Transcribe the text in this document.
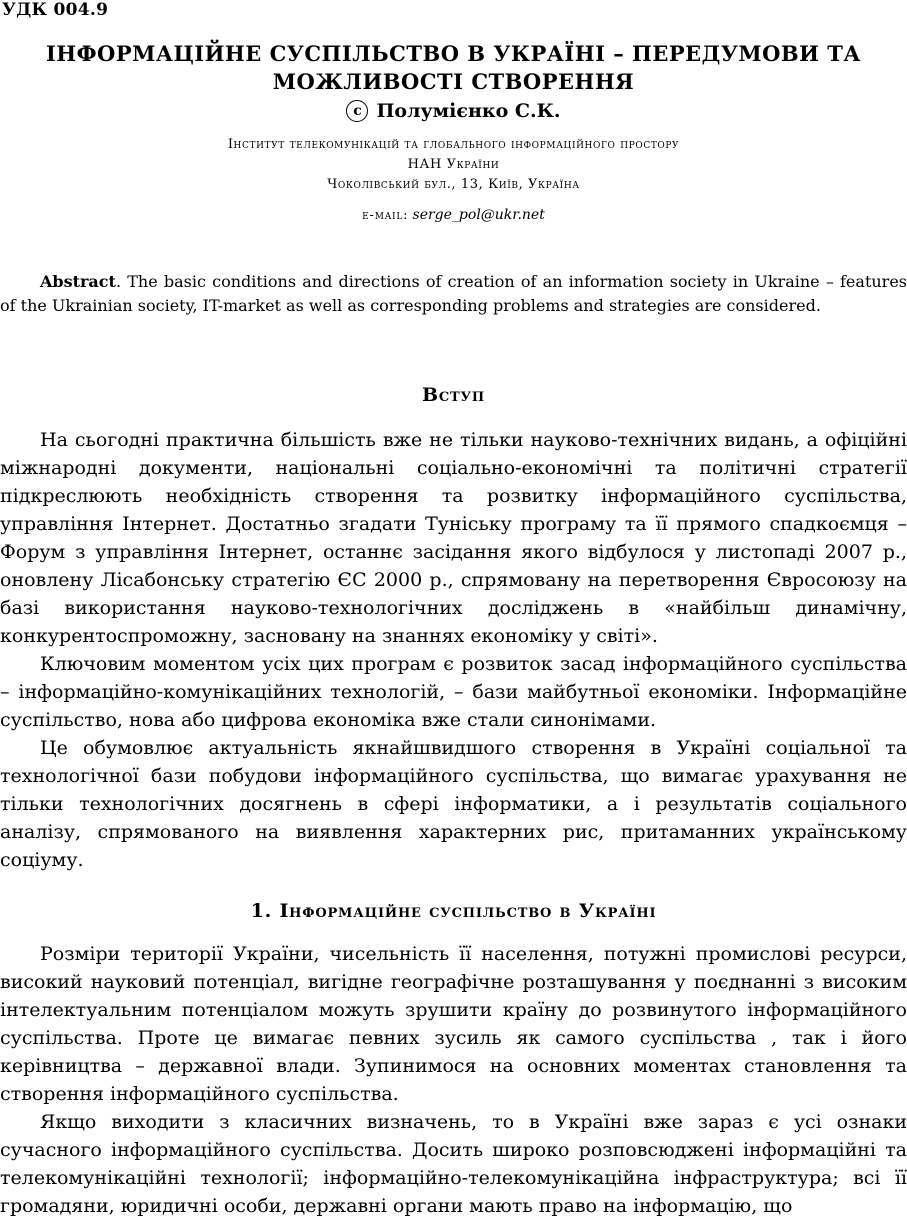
УДК 004.9
ІНФОРМАЦІЙНЕ СУСПІЛЬСТВО В УКРАЇНІ – ПЕРЕДУМОВИ ТА
МОЖЛИВОСТІ СТВОРЕННЯ
c Полумієнко С.К.
Інститут телекомунікацій та глобального інформаційного простору
НАН України
Чоколівський бул., 13, Київ, Україна
e-mail: serge_pol@ukr.net

Abstract. The basic conditions and directions of creation of an information society in Ukraine – features of the Ukrainian society, IT-market as well as corresponding problems and strategies are considered.

Вступ

На сьогодні практична більшість вже не тільки науково-технічних видань, а офіційні міжнародні документи, національні соціально-економічні та політичні стратегії підкреслюють необхідність створення та розвитку інформаційного суспільства, управління Інтернет. Достатньо згадати Туніську програму та її прямого спадкоємця – Форум з управління Інтернет, останнє засідання якого відбулося у листопаді 2007 р., оновлену Лісабонську стратегію ЄС 2000 р., спрямовану на перетворення Євросоюзу на базі використання науково-технологічних досліджень в «найбільш динамічну, конкурентоспроможну, засновану на знаннях економіку у світі».

Ключовим моментом усіх цих програм є розвиток засад інформаційного суспільства – інформаційно-комунікаційних технологій, – бази майбутньої економіки. Інформаційне суспільство, нова або цифрова економіка вже стали синонімами.

Це обумовлює актуальність якнайшвидшого створення в Україні соціальної та технологічної бази побудови інформаційного суспільства, що вимагає урахування не тільки технологічних досягнень в сфері інформатики, а і результатів соціального аналізу, спрямованого на виявлення характерних рис, притаманних українському соціуму.

1. Інформаційне суспільство в Україні

Розміри території України, чисельність її населення, потужні промислові ресурси, високий науковий потенціал, вигідне географічне розташування у поєднанні з високим інтелектуальним потенціалом можуть зрушити країну до розвинутого інформаційного суспільства. Проте це вимагає певних зусиль як самого суспільства , так і його керівництва – державної влади. Зупинимося на основних моментах становлення та створення інформаційного суспільства.

Якщо виходити з класичних визначень, то в Україні вже зараз є усі ознаки сучасного інформаційного суспільства. Досить широко розповсюджені інформаційні та телекомунікаційні технології; інформаційно-телекомунікаційна інфраструктура; всі її громадяни, юридичні особи, державні органи мають право на інформацію, що
